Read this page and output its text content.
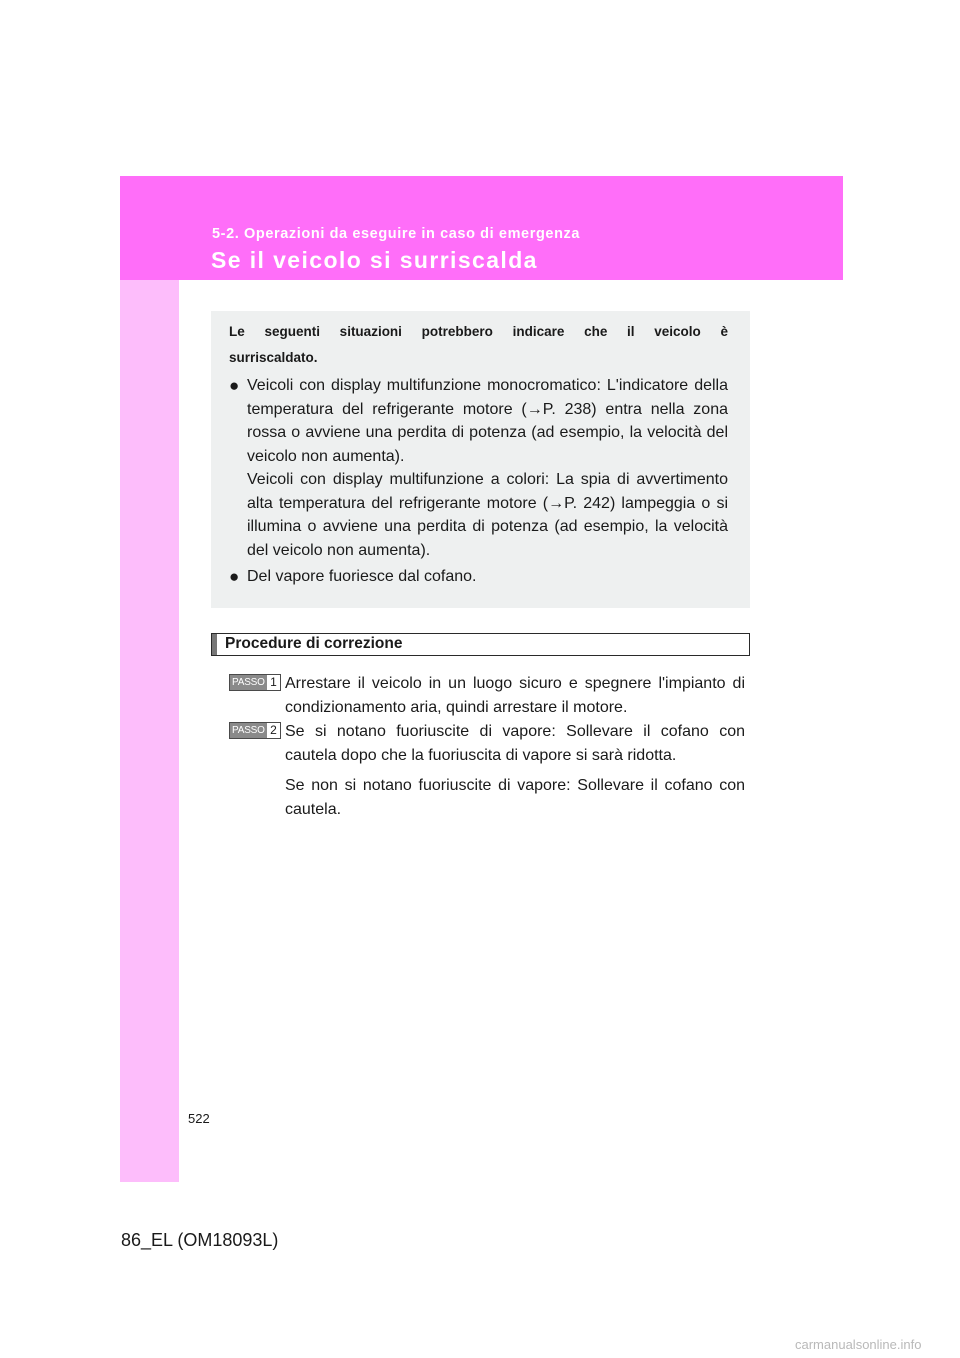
5-2. Operazioni da eseguire in caso di emergenza
Se il veicolo si surriscalda
Le seguenti situazioni potrebbero indicare che il veicolo è surriscaldato.
● Veicoli con display multifunzione monocromatico: L'indicatore della temperatura del refrigerante motore (→P. 238) entra nella zona rossa o avviene una perdita di potenza (ad esempio, la velocità del veicolo non aumenta).

Veicoli con display multifunzione a colori: La spia di avvertimento alta temperatura del refrigerante motore (→P. 242) lampeggia o si illumina o avviene una perdita di potenza (ad esempio, la velocità del veicolo non aumenta).

● Del vapore fuoriesce dal cofano.

Procedure di correzione
PASSO 1 Arrestare il veicolo in un luogo sicuro e spegnere l'impianto di condizionamento aria, quindi arrestare il motore.

PASSO 2 Se si notano fuoriuscite di vapore: Sollevare il cofano con cautela dopo che la fuoriuscita di vapore si sarà ridotta.

Se non si notano fuoriuscite di vapore: Sollevare il cofano con cautela.

522
86_EL (OM18093L)
carmanualsonline.info
